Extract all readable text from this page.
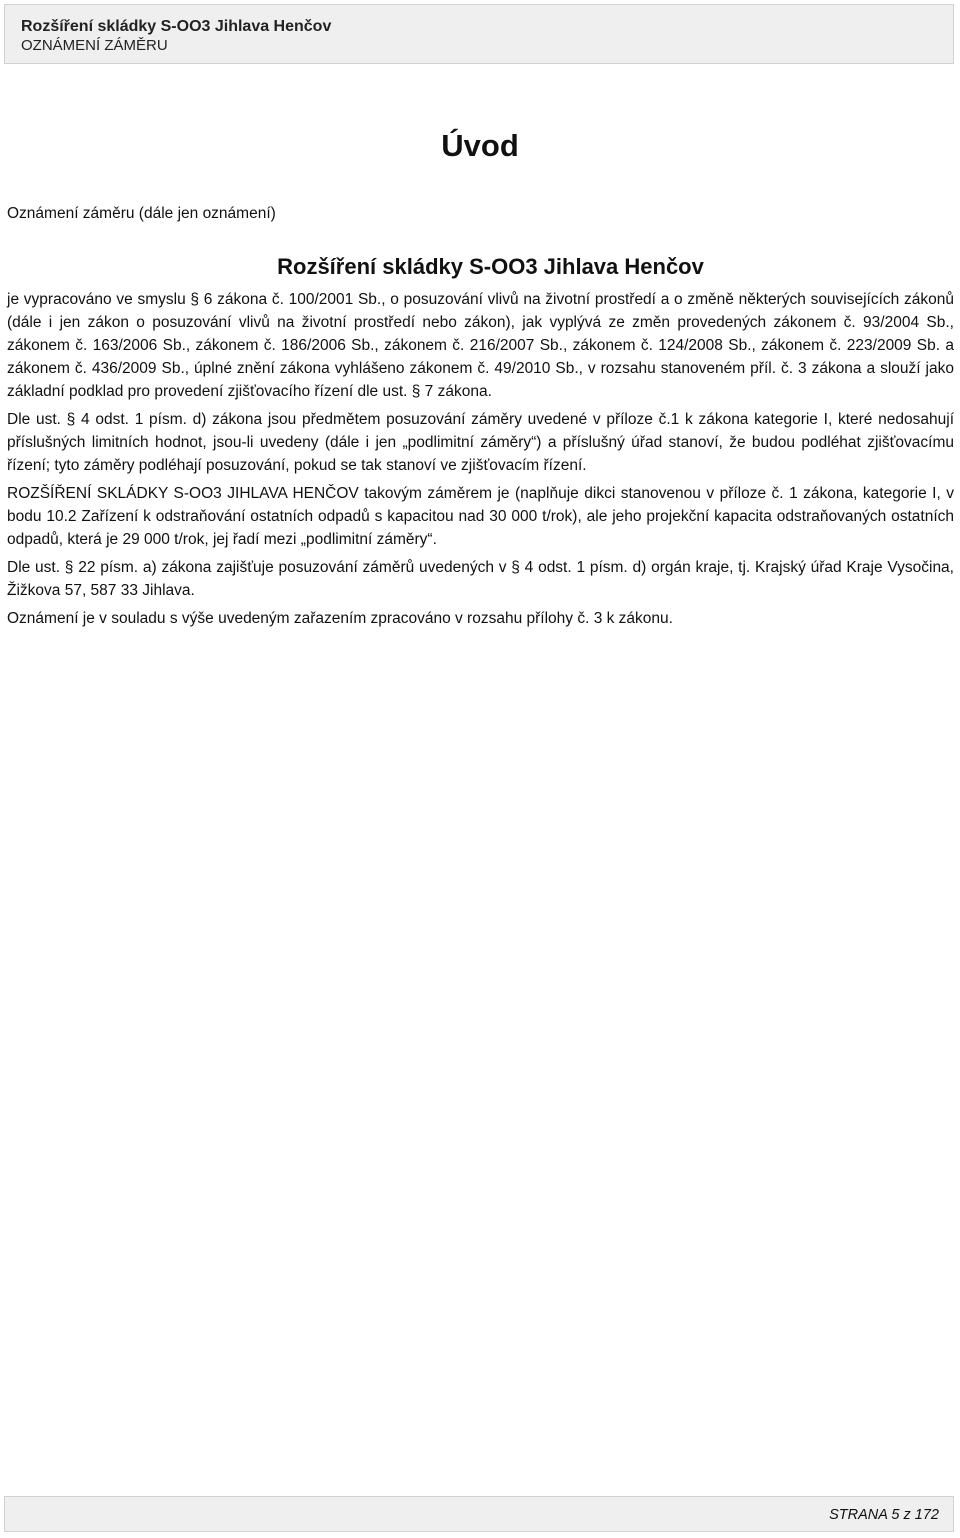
Rozšíření skládky S-OO3 Jihlava Henčov
OZNÁMENÍ ZÁMĚRU
Úvod

Oznámení záměru (dále jen oznámení)

Rozšíření skládky S-OO3 Jihlava Henčov

je vypracováno ve smyslu § 6 zákona č. 100/2001 Sb., o posuzování vlivů na životní prostředí a o změně některých souvisejících zákonů (dále i jen zákon o posuzování vlivů na životní prostředí nebo zákon), jak vyplývá ze změn provedených zákonem č. 93/2004 Sb., zákonem č. 163/2006 Sb., zákonem č. 186/2006 Sb., zákonem č. 216/2007 Sb., zákonem č. 124/2008 Sb., zákonem č. 223/2009 Sb. a zákonem č. 436/2009 Sb., úplné znění zákona vyhlášeno zákonem č. 49/2010 Sb., v rozsahu stanoveném příl. č. 3 zákona a slouží jako základní podklad pro provedení zjišťovacího řízení dle ust. § 7 zákona.

Dle ust. § 4 odst. 1 písm. d) zákona jsou předmětem posuzování záměry uvedené v příloze č.1 k zákona kategorie I, které nedosahují příslušných limitních hodnot, jsou-li uvedeny (dále i jen „podlimitní záměry“) a příslušný úřad stanoví, že budou podléhat zjišťovacímu řízení; tyto záměry podléhají posuzování, pokud se tak stanoví ve zjišťovacím řízení.

ROZŠÍŘENÍ SKLÁDKY S-OO3 JIHLAVA HENČOV takovým záměrem je (naplňuje dikci stanovenou v příloze č. 1 zákona, kategorie I, v bodu 10.2 Zařízení k odstraňování ostatních odpadů s kapacitou nad 30 000 t/rok), ale jeho projekční kapacita odstraňovaných ostatních odpadů, která je 29 000 t/rok, jej řadí mezi „podlimitní záměry“.

Dle ust. § 22 písm. a) zákona zajišťuje posuzování záměrů uvedených v § 4 odst. 1 písm. d) orgán kraje, tj. Krajský úřad Kraje Vysočina, Žižkova 57, 587 33 Jihlava.

Oznámení je v souladu s výše uvedeným zařazením zpracováno v rozsahu přílohy č. 3 k zákonu.

STRANA 5 z 172
